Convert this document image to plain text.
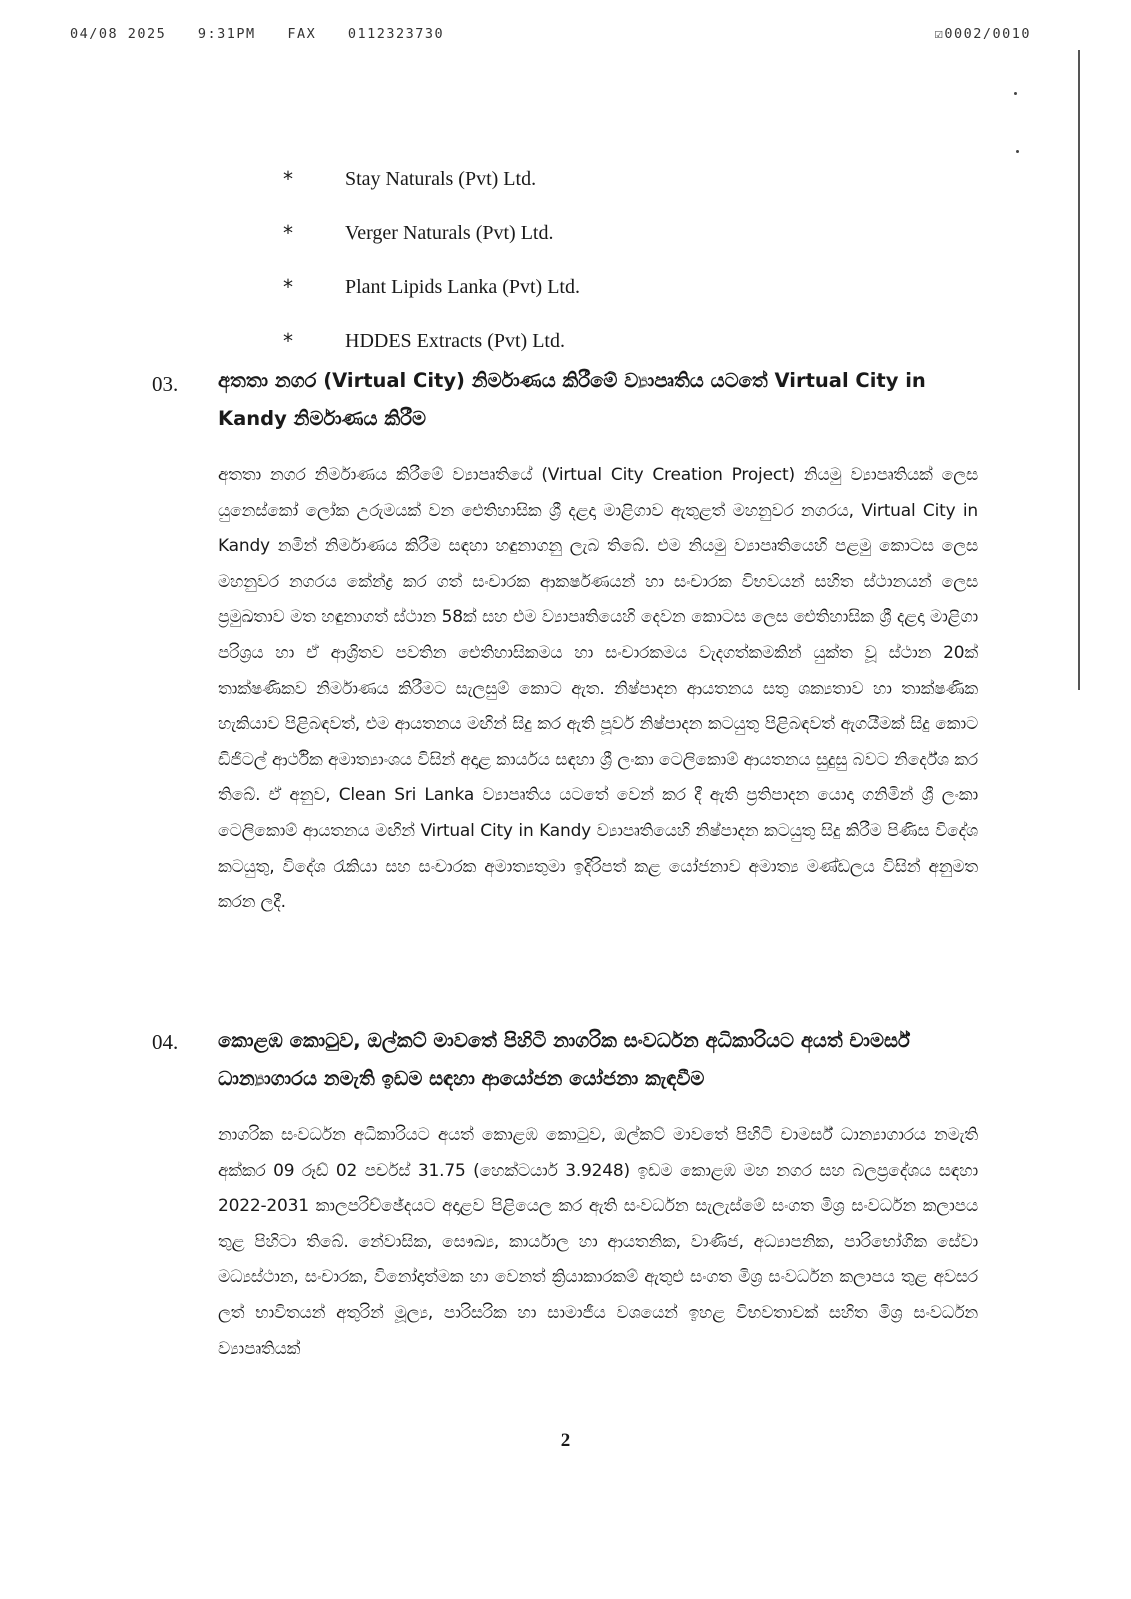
04/08 2025 9:31PM FAX 0112323730	☑0002/0010
*	Stay Naturals (Pvt) Ltd.
*	Verger Naturals (Pvt) Ltd.
*	Plant Lipids Lanka (Pvt) Ltd.
*	HDDES Extracts (Pvt) Ltd.
03. අතතා නගර (Virtual City) නිර්මාණය කිරීමේ ව්‍යාපෘතිය යටතේ Virtual City in Kandy නිර්මාණය කිරීම
අතතා නගර නිර්මාණය කිරීමේ ව්‍යාපෘතියේ (Virtual City Creation Project) නියමු ව්‍යාපෘතියක් ලෙස යුනෙස්කෝ ලෝක උරුමයක් වන ඓතිහාසික ශ්‍රී දළදා මාළිගාව ඇතුළත් මහනුවර නගරය, Virtual City in Kandy නමින් නිර්මාණය කිරීම සඳහා හඳුනාගනු ලැබ තිබේ. එම නියමු ව්‍යාපෘතියෙහි පළමු කොටස ලෙස මහනුවර නගරය කේන්ද්‍ර කර ගත් සංචාරක ආකර්ෂණයන් හා සංචාරක විභවයන් සහිත ස්ථානයන් ලෙස ප්‍රමුඛතාව මත හඳුනාගත් ස්ථාන 58ක් සහ එම ව්‍යාපෘතියෙහි දෙවන කොටස ලෙස ඓතිහාසික ශ්‍රී දළදා මාළිගා පරිශ්‍රය හා ඒ ආශ්‍රිතව පවතින ඓතිහාසිකමය හා සංචාරකමය වැදගත්කමකින් යුක්ත වූ ස්ථාන 20ක් තාක්ෂණිකව නිර්මාණය කිරීමට සැලසුම් කොට ඇත. නිෂ්පාදන ආයතනය සතු ශක්‍යතාව හා තාක්ෂණික හැකියාව පිළිබඳවත්, එම ආයතනය මඟින් සිදු කර ඇති පූර්ව නිෂ්පාදන කටයුතු පිළිබඳවත් ඇගයීමක් සිදු කොට ඩිජිටල් ආර්ථික අමාත්‍යාංශය විසින් අදාළ කාර්යය සඳහා ශ්‍රී ලංකා ටෙලිකොම් ආයතනය සුදුසු බවට නිර්දේශ කර තිබේ. ඒ අනුව, Clean Sri Lanka ව්‍යාපෘතිය යටතේ වෙන් කර දී ඇති ප්‍රතිපාදන යොදා ගනිමින් ශ්‍රී ලංකා ටෙලිකොම් ආයතනය මඟින් Virtual City in Kandy ව්‍යාපෘතියෙහි නිෂ්පාදන කටයුතු සිදු කිරීම පිණිස විදේශ කටයුතු, විදේශ රැකියා සහ සංචාරක අමාත්‍යතුමා ඉදිරිපත් කළ යෝජනාව අමාත්‍ය මණ්ඩලය විසින් අනුමත කරන ලදී.
04. කොළඹ කොටුව, ඔල්කට් මාවතේ පිහිටි නාගරික සංවර්ධන අධිකාරියට අයත් චාමර්ස් ධාන්‍යාගාරය නමැති ඉඩම සඳහා ආයෝජන යෝජනා කැඳවීම
නාගරික සංවර්ධන අධිකාරියට අයත් කොළඹ කොටුව, ඔල්කට් මාවතේ පිහිටි චාමර්ස් ධාන්‍යාගාරය නමැති අක්කර 09 රූඩ් 02 පර්චස් 31.75 (හෙක්ටයාර් 3.9248) ඉඩම කොළඹ මහ නගර සහ බලප්‍රදේශය සඳහා 2022-2031 කාලපරිච්ඡේදයට අදාළව පිළියෙල කර ඇති සංවර්ධන සැලැස්මේ සංගත මිශ්‍ර සංවර්ධන කලාපය තුළ පිහිටා තිබේ. නේවාසික, සෞඛ්‍ය, කාර්යාල හා ආයතනික, වාණිජ, අධ්‍යාපනික, පාරිභෝගික සේවා මධ්‍යස්ථාන, සංචාරක, විනෝදාත්මක හා වෙනත් ක්‍රියාකාරකම් ඇතුළු සංගත මිශ්‍ර සංවර්ධන කලාපය තුළ අවසර ලත් භාවිතයන් අතුරින් මූල්‍ය, පාරිසරික හා සාමාජීය වශයෙන් ඉහළ විභවතාවක් සහිත මිශ්‍ර සංවර්ධන ව්‍යාපෘතියක්
2
